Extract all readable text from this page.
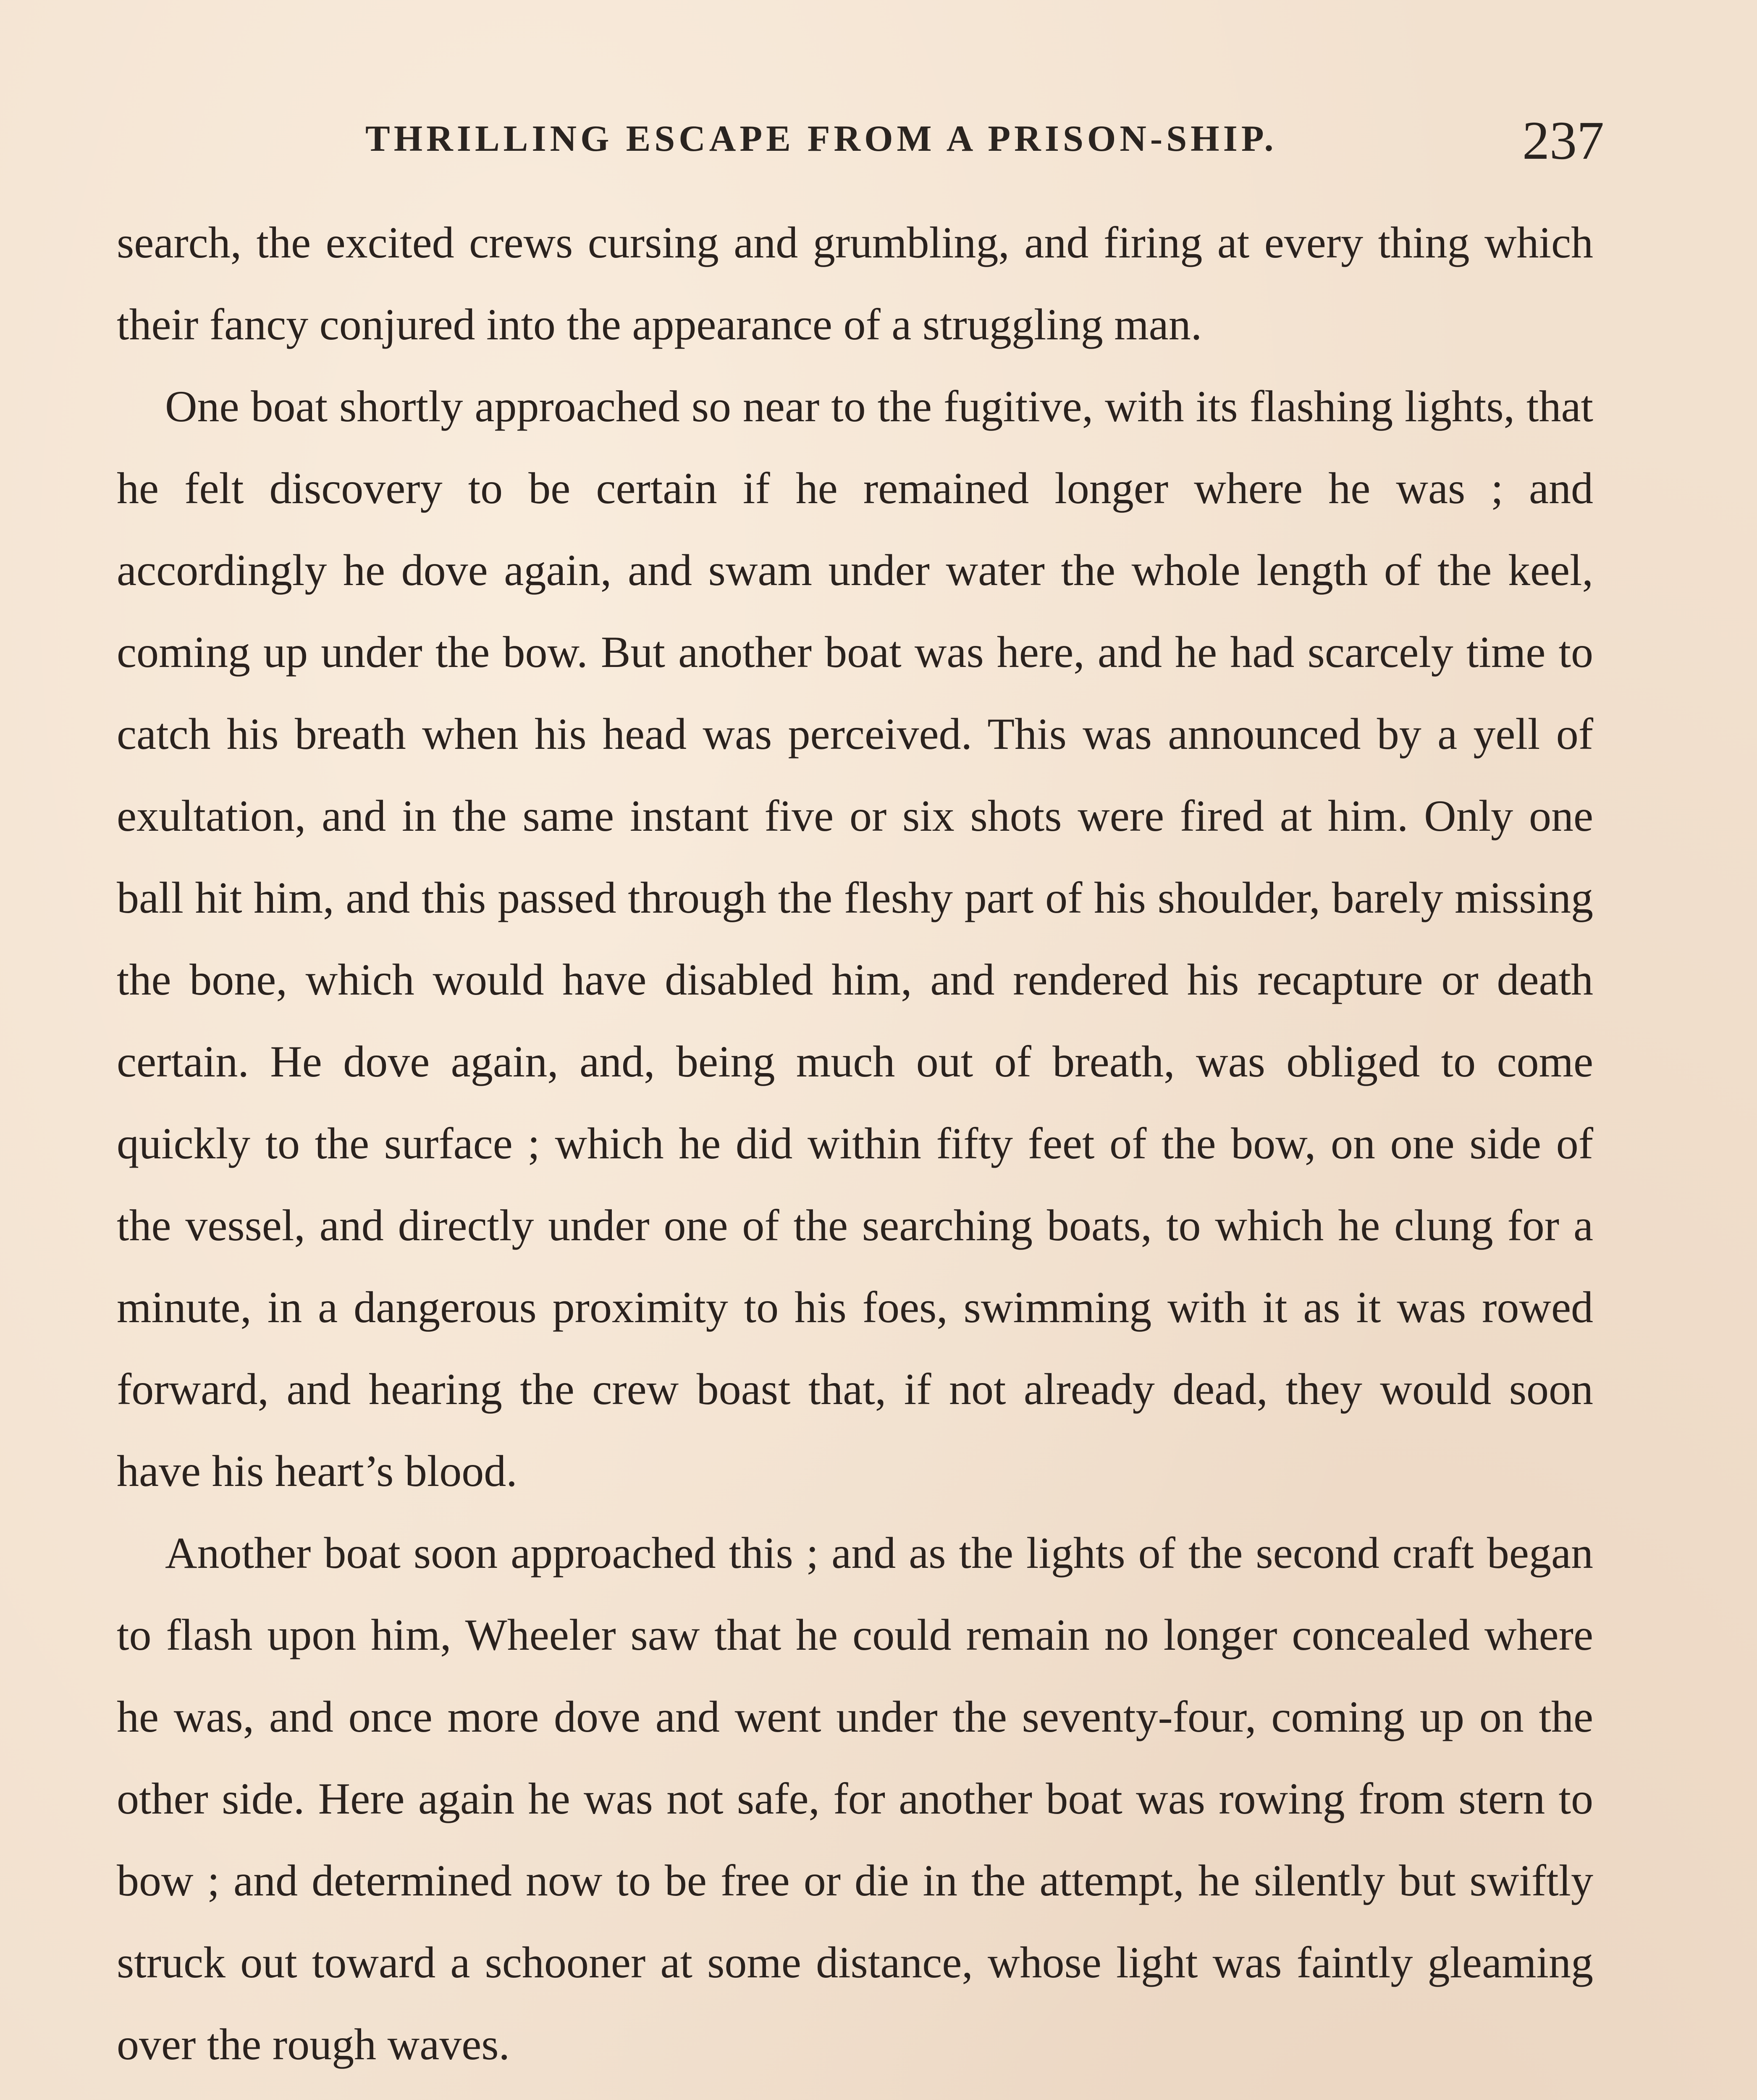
THRILLING ESCAPE FROM A PRISON-SHIP.	237

search, the excited crews cursing and grumbling, and firing at every thing which their fancy conjured into the appearance of a struggling man.

One boat shortly approached so near to the fugitive, with its flashing lights, that he felt discovery to be certain if he remained longer where he was ; and accordingly he dove again, and swam under water the whole length of the keel, coming up under the bow. But another boat was here, and he had scarcely time to catch his breath when his head was perceived. This was announced by a yell of exultation, and in the same instant five or six shots were fired at him. Only one ball hit him, and this passed through the fleshy part of his shoulder, barely missing the bone, which would have disabled him, and rendered his recapture or death certain. He dove again, and, being much out of breath, was obliged to come quickly to the surface ; which he did within fifty feet of the bow, on one side of the vessel, and directly under one of the searching boats, to which he clung for a minute, in a dangerous proximity to his foes, swimming with it as it was rowed forward, and hearing the crew boast that, if not already dead, they would soon have his heart’s blood.

Another boat soon approached this ; and as the lights of the second craft began to flash upon him, Wheeler saw that he could remain no longer concealed where he was, and once more dove and went under the seventy-four, coming up on the other side. Here again he was not safe, for another boat was rowing from stern to bow ; and determined now to be free or die in the attempt, he silently but swiftly struck out toward a schooner at some distance, whose light was faintly gleaming over the rough waves.
